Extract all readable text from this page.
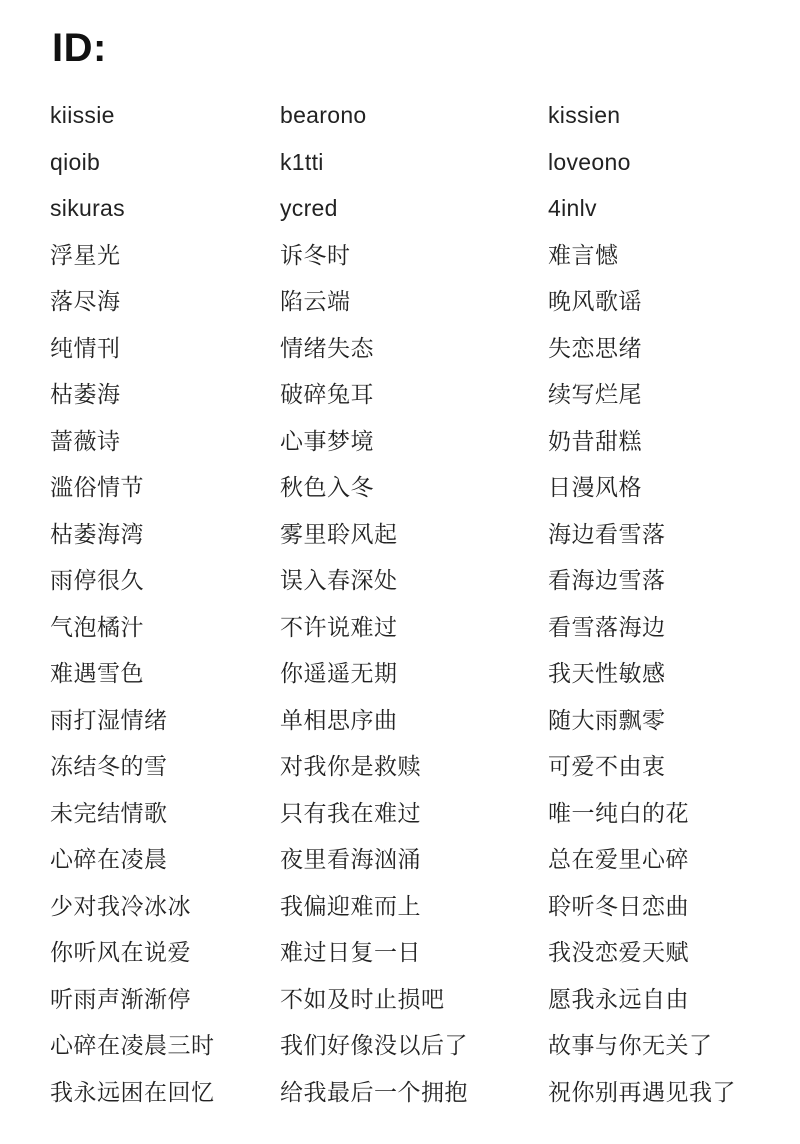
ID:
kiissie	bearono	kissien
qioib	k1tti	loveono
sikuras	ycred	4inlv
浮星光	诉冬时	难言憾
落尽海	陷云端	晚风歌谣
纯情刊	情绪失态	失恋思绪
枯萎海	破碎兔耳	续写烂尾
蔷薇诗	心事梦境	奶昔甜糕
滥俗情节	秋色入冬	日漫风格
枯萎海湾	雾里聆风起	海边看雪落
雨停很久	误入春深处	看海边雪落
气泡橘汁	不许说难过	看雪落海边
难遇雪色	你遥遥无期	我天性敏感
雨打湿情绪	单相思序曲	随大雨飘零
冻结冬的雪	对我你是救赎	可爱不由衷
未完结情歌	只有我在难过	唯一纯白的花
心碎在凌晨	夜里看海汹涌	总在爱里心碎
少对我冷冰冰	我偏迎难而上	聆听冬日恋曲
你听风在说爱	难过日复一日	我没恋爱天赋
听雨声渐渐停	不如及时止损吧	愿我永远自由
心碎在凌晨三时	我们好像没以后了	故事与你无关了
我永远困在回忆	给我最后一个拥抱	祝你别再遇见我了
